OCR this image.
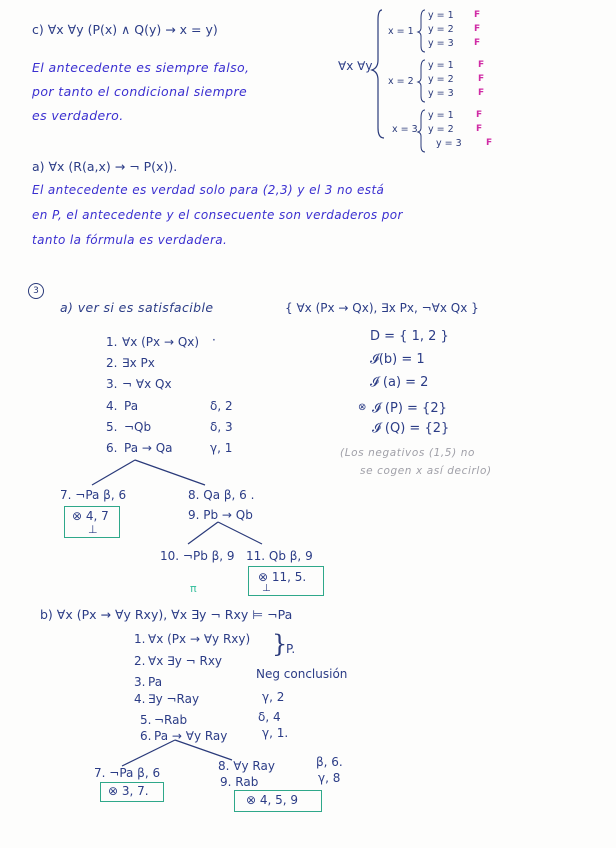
c) ∀x ∀y (P(x) ∧ Q(y) → x = y)
El antecedente es siempre falso,
por tanto el condicional siempre
es verdadero.
∀x ∀y
x = 1
y = 1 F
y = 2 F
y = 3 F
x = 2
y = 1	F
y = 2	F
y = 3	F
x = 3
y = 1 F
y = 2 F
y = 3	F
a) ∀x (R(a,x) → ¬ P(x)).
El antecedente es verdad solo para (2,3) y el 3 no está
en P, el antecedente y el consecuente son verdaderos por
tanto la fórmula es verdadera.
3
a) ver si es satisfacible	{ ∀x (Px → Qx), ∃x Px, ¬∀x Qx }
1. ∀x (Px → Qx) ·
2. ∃x Px
3. ¬ ∀x Qx
4. Pa	δ, 2
5. ¬Qb	δ, 3
6. Pa → Qa	γ, 1
D = { 1, 2 }
𝓘(b) = 1
𝓘 (a) = 2
⊗ 𝓘 (P) = {2}
𝓘 (Q) = {2}
(Los negativos (1,5) no
se cogen x así decirlo)
7. ¬Pa β, 6
⊗ 4, 7
⊥
8. Qa β, 6 .
9. Pb → Qb
10. ¬Pb β, 9 11. Qb β, 9
⊗ 11, 5.
⊥
π
b) ∀x (Px → ∀y Rxy), ∀x ∃y ¬ Rxy ⊨ ¬Pa
1. ∀x (Px → ∀y Rxy)
2. ∀x ∃y ¬ Rxy
3. Pa
Neg conclusión
4. ∃y ¬Ray	γ, 2
5. ¬Rab	δ, 4
6. Pa → ∀y Ray	γ, 1.
}
P.
7. ¬Pa β, 6
⊗ 3, 7.
8. ∀y Ray	β, 6.
9. Rab	γ, 8
⊗ 4, 5, 9
